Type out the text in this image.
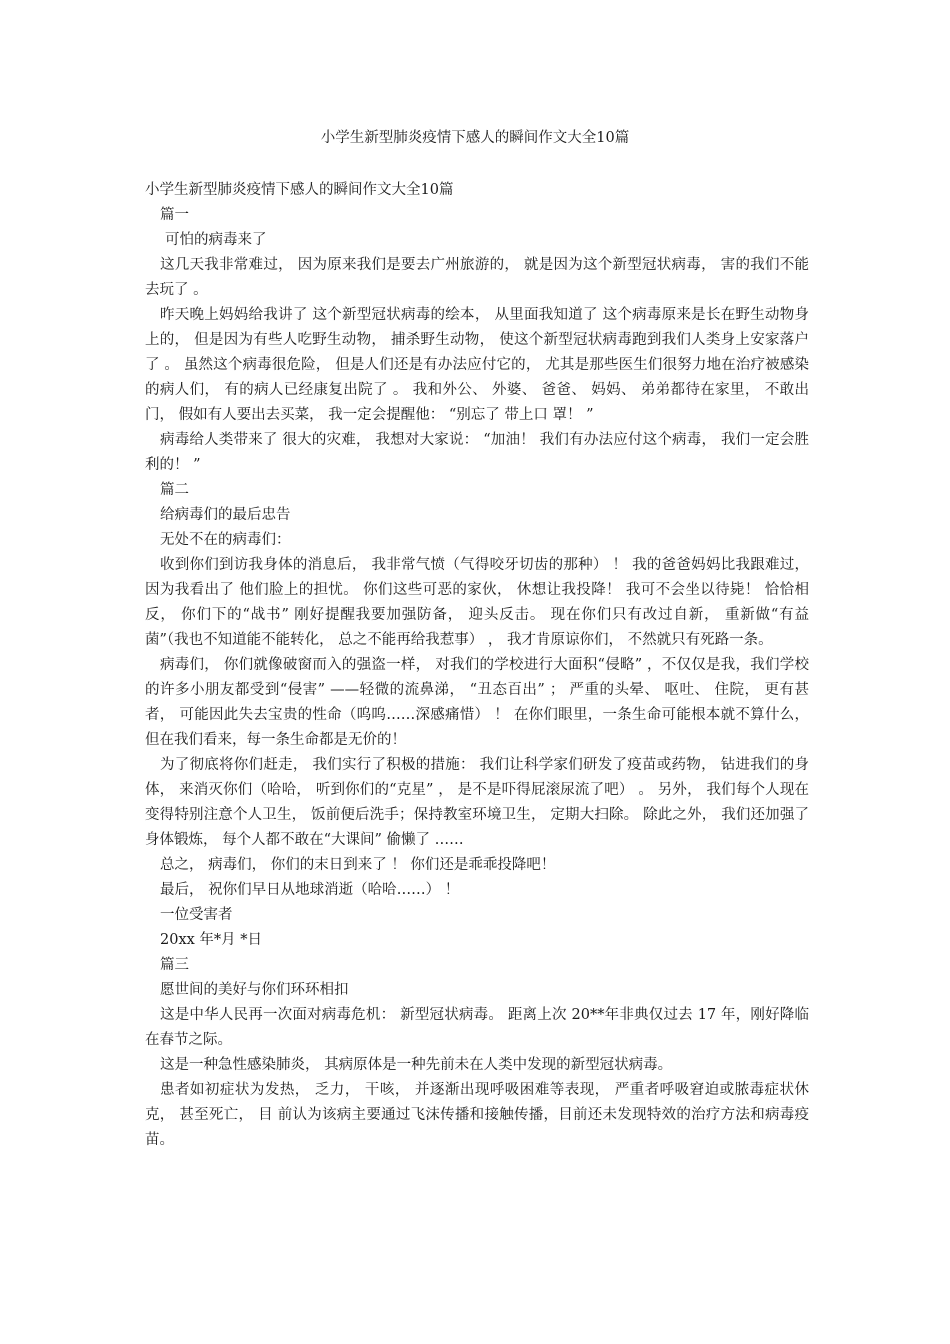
小学生新型肺炎疫情下感人的瞬间作文大全10篇

小学生新型肺炎疫情下感人的瞬间作文大全10篇

篇一

可怕的病毒来了

这几天我非常难过， 因为原来我们是要去广州旅游的， 就是因为这个新型冠状病毒， 害的我们不能去玩了 。

昨天晚上妈妈给我讲了 这个新型冠状病毒的绘本， 从里面我知道了 这个病毒原来是长在野生动物身上的， 但是因为有些人吃野生动物， 捕杀野生动物， 使这个新型冠状病毒跑到我们人类身上安家落户 了 。 虽然这个病毒很危险， 但是人们还是有办法应付它的， 尤其是那些医生们很努力地在治疗被感染的病人们， 有的病人已经康复出院了 。 我和外公、 外婆、 爸爸、 妈妈、 弟弟都待在家里， 不敢出门， 假如有人要出去买菜， 我一定会提醒他： “别忘了 带上口 罩！ ”

病毒给人类带来了 很大的灾难， 我想对大家说： “加油！ 我们有办法应付这个病毒， 我们一定会胜利的！ ”

篇二

给病毒们的最后忠告

无处不在的病毒们：

收到你们到访我身体的消息后， 我非常气愤（气得咬牙切齿的那种） ！ 我的爸爸妈妈比我跟难过， 因为我看出了 他们脸上的担忧。 你们这些可恶的家伙， 休想让我投降！ 我可不会坐以待毙！ 恰恰相反， 你们下的“战书” 刚好提醒我要加强防备， 迎头反击。 现在你们只有改过自新， 重新做“有益菌”（我也不知道能不能转化， 总之不能再给我惹事） ， 我才肯原谅你们， 不然就只有死路一条。

病毒们， 你们就像破窗而入的强盗一样， 对我们的学校进行大面积“侵略” ，不仅仅是我，我们学校的许多小朋友都受到“侵害” ——轻微的流鼻涕， “丑态百出” ； 严重的头晕、 呕吐、 住院， 更有甚者， 可能因此失去宝贵的性命（呜呜……深感痛惜） ！ 在你们眼里，一条生命可能根本就不算什么， 但在我们看来，每一条生命都是无价的！

为了彻底将你们赶走， 我们实行了积极的措施： 我们让科学家们研发了疫苗或药物， 钻进我们的身体， 来消灭你们（哈哈， 听到你们的“克星” ， 是不是吓得屁滚尿流了吧） 。 另外， 我们每个人现在变得特别注意个人卫生， 饭前便后洗手；保持教室环境卫生， 定期大扫除。 除此之外， 我们还加强了身体锻炼， 每个人都不敢在“大课间” 偷懒了 ……

总之， 病毒们， 你们的末日到来了 ！ 你们还是乖乖投降吧！

最后， 祝你们早日从地球消逝（哈哈……） ！

一位受害者

20xx 年*月 *日

篇三

愿世间的美好与你们环环相扣

这是中华人民再一次面对病毒危机： 新型冠状病毒。 距离上次 20**年非典仅过去 17 年，刚好降临在春节之际。

这是一种急性感染肺炎， 其病原体是一种先前未在人类中发现的新型冠状病毒。

患者如初症状为发热， 乏力， 干咳， 并逐渐出现呼吸困难等表现， 严重者呼吸窘迫或脓毒症状休克， 甚至死亡， 目 前认为该病主要通过飞沫传播和接触传播，目前还未发现特效的治疗方法和病毒疫苗。
